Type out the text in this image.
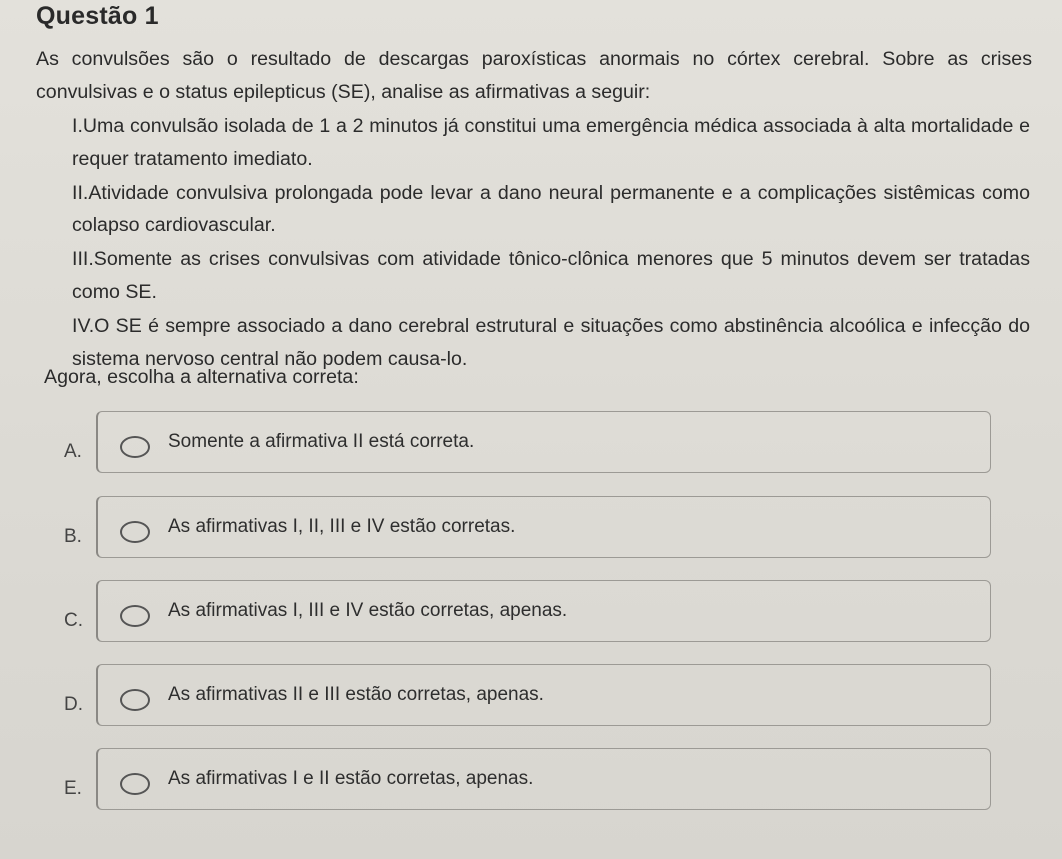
Questão 1
As convulsões são o resultado de descargas paroxísticas anormais no córtex cerebral. Sobre as crises convulsivas e o status epilepticus (SE), analise as afirmativas a seguir:
I.Uma convulsão isolada de 1 a 2 minutos já constitui uma emergência médica associada à alta mortalidade e requer tratamento imediato.
II.Atividade convulsiva prolongada pode levar a dano neural permanente e a complicações sistêmicas como colapso cardiovascular.
III.Somente as crises convulsivas com atividade tônico-clônica menores que 5 minutos devem ser tratadas como SE.
IV.O SE é sempre associado a dano cerebral estrutural e situações como abstinência alcoólica e infecção do sistema nervoso central não podem causa-lo.
Agora, escolha a alternativa correta:
A.	Somente a afirmativa II está correta.
B.	As afirmativas I, II, III e IV estão corretas.
C.	As afirmativas I, III e IV estão corretas, apenas.
D.	As afirmativas II e III estão corretas, apenas.
E.	As afirmativas I e II estão corretas, apenas.
